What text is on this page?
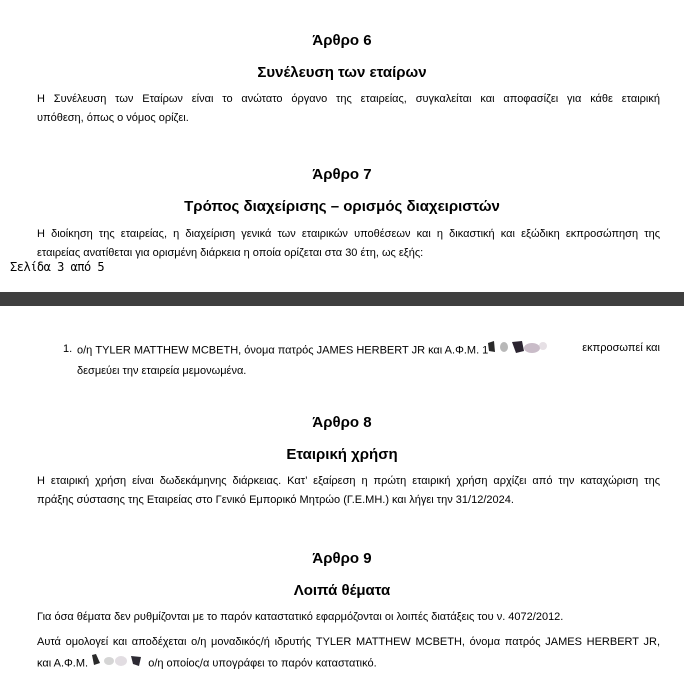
Άρθρο 6
Συνέλευση των εταίρων
Η Συνέλευση των Εταίρων είναι το ανώτατο όργανο της εταιρείας, συγκαλείται και αποφασίζει για κάθε εταιρική
υπόθεση, όπως ο νόμος ορίζει.
Άρθρο 7
Τρόπος διαχείρισης – ορισμός διαχειριστών
Η διοίκηση της εταιρείας, η διαχείριση γενικά των εταιρικών υποθέσεων και η δικαστική και εξώδικη εκπροσώπηση της
εταιρείας ανατίθεται για ορισμένη διάρκεια η οποία ορίζεται στα 30 έτη, ως εξής:
Σελίδα 3 από 5
1. ο/η TYLER MATTHEW MCBETH, όνομα πατρός JAMES HERBERT JR και Α.Φ.Μ. 1	εκπροσωπεί και
δεσμεύει την εταιρεία μεμονωμένα.
Άρθρο 8
Εταιρική χρήση
Η εταιρική χρήση είναι δωδεκάμηνης διάρκειας. Κατ’ εξαίρεση η πρώτη εταιρική χρήση αρχίζει από την καταχώριση της
πράξης σύστασης της Εταιρείας στο Γενικό Εμπορικό Μητρώο (Γ.Ε.ΜΗ.) και λήγει την 31/12/2024.
Άρθρο 9
Λοιπά θέματα
Για όσα θέματα δεν ρυθμίζονται με το παρόν καταστατικό εφαρμόζονται οι λοιπές διατάξεις του ν. 4072/2012.
Αυτά ομολογεί και αποδέχεται ο/η μοναδικός/ή ιδρυτής TYLER MATTHEW MCBETH, όνομα πατρός JAMES HERBERT JR,
και Α.Φ.Μ.	ο/η οποίος/α υπογράφει το παρόν καταστατικό.
